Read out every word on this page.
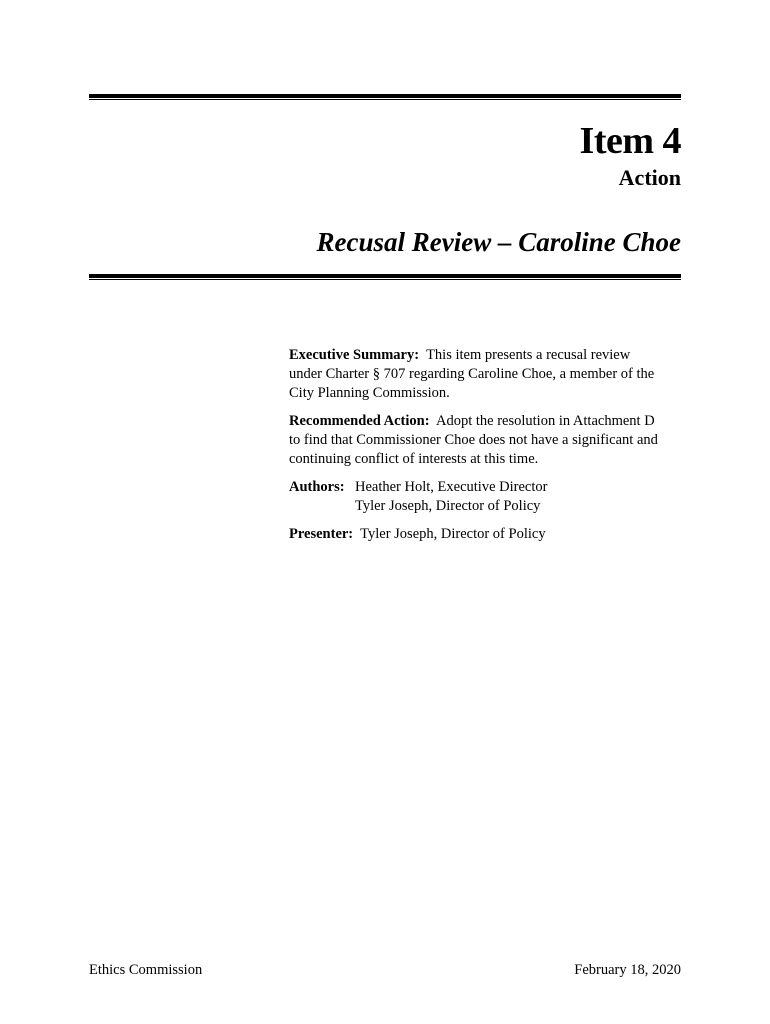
Item 4
Action
Recusal Review – Caroline Choe
Executive Summary: This item presents a recusal review
under Charter § 707 regarding Caroline Choe, a member of the
City Planning Commission.
Recommended Action: Adopt the resolution in Attachment D
to find that Commissioner Choe does not have a significant and
continuing conflict of interests at this time.
Authors: Heather Holt, Executive Director
Tyler Joseph, Director of Policy
Presenter: Tyler Joseph, Director of Policy
Ethics Commission	February 18, 2020
